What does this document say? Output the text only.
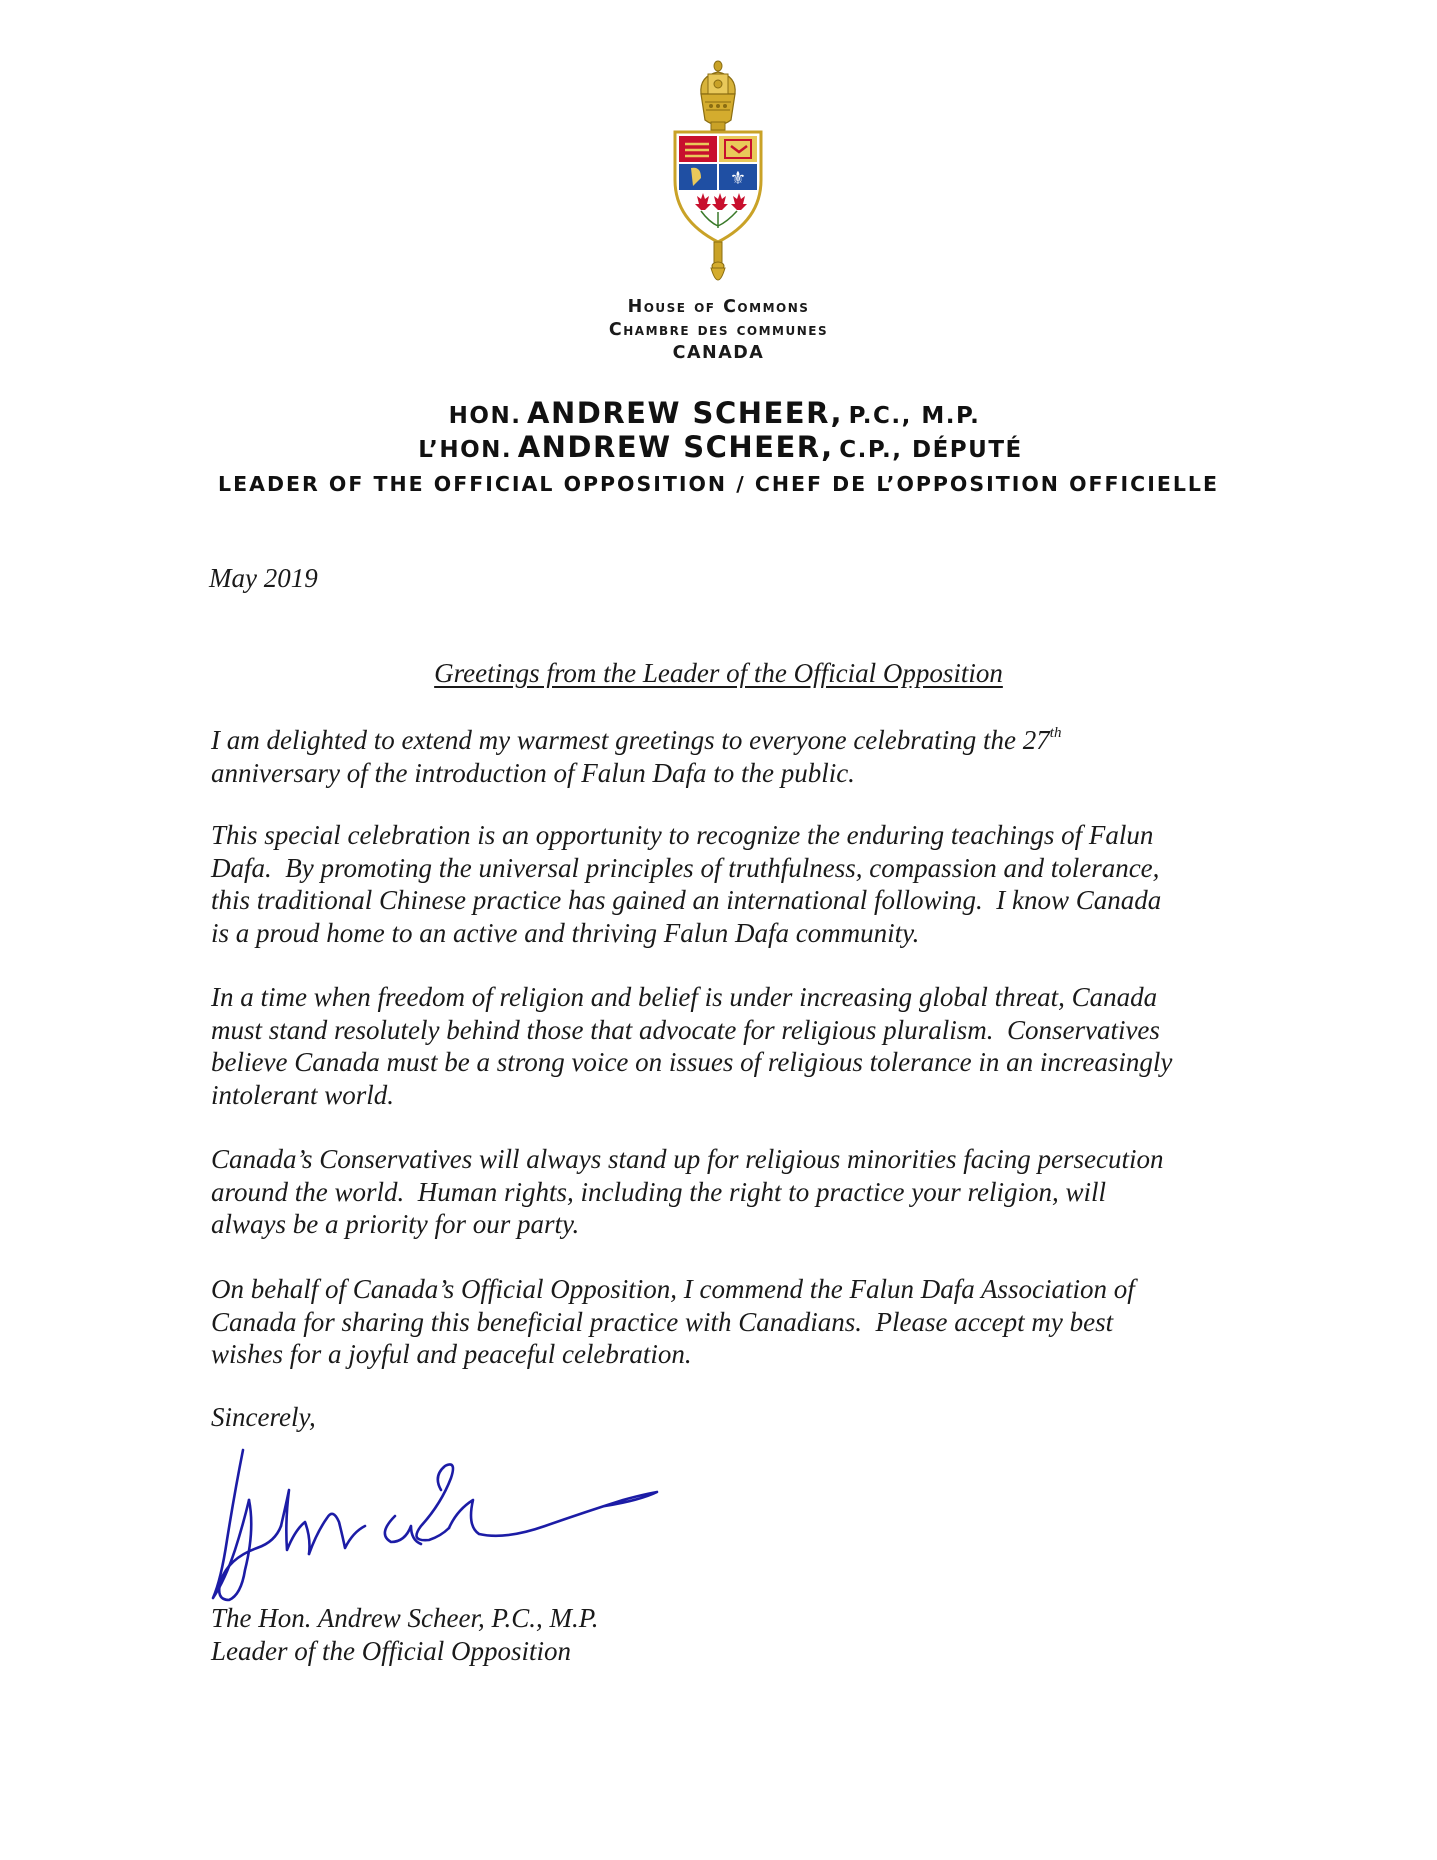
⚜
House of Commons
Chambre des communes
CANADA
HON. ANDREW SCHEER, P.C., M.P.
L’HON. ANDREW SCHEER, C.P., DÉPUTÉ
LEADER OF THE OFFICIAL OPPOSITION / CHEF DE L’OPPOSITION OFFICIELLE
May 2019
Greetings from the Leader of the Official Opposition
I am delighted to extend my warmest greetings to everyone celebrating the 27th
anniversary of the introduction of Falun Dafa to the public.
This special celebration is an opportunity to recognize the enduring teachings of Falun
Dafa.  By promoting the universal principles of truthfulness, compassion and tolerance,
this traditional Chinese practice has gained an international following.  I know Canada
is a proud home to an active and thriving Falun Dafa community.
In a time when freedom of religion and belief is under increasing global threat, Canada
must stand resolutely behind those that advocate for religious pluralism.  Conservatives
believe Canada must be a strong voice on issues of religious tolerance in an increasingly
intolerant world.
Canada’s Conservatives will always stand up for religious minorities facing persecution
around the world.  Human rights, including the right to practice your religion, will
always be a priority for our party.
On behalf of Canada’s Official Opposition, I commend the Falun Dafa Association of
Canada for sharing this beneficial practice with Canadians.  Please accept my best
wishes for a joyful and peaceful celebration.
Sincerely,
The Hon. Andrew Scheer, P.C., M.P.
Leader of the Official Opposition
